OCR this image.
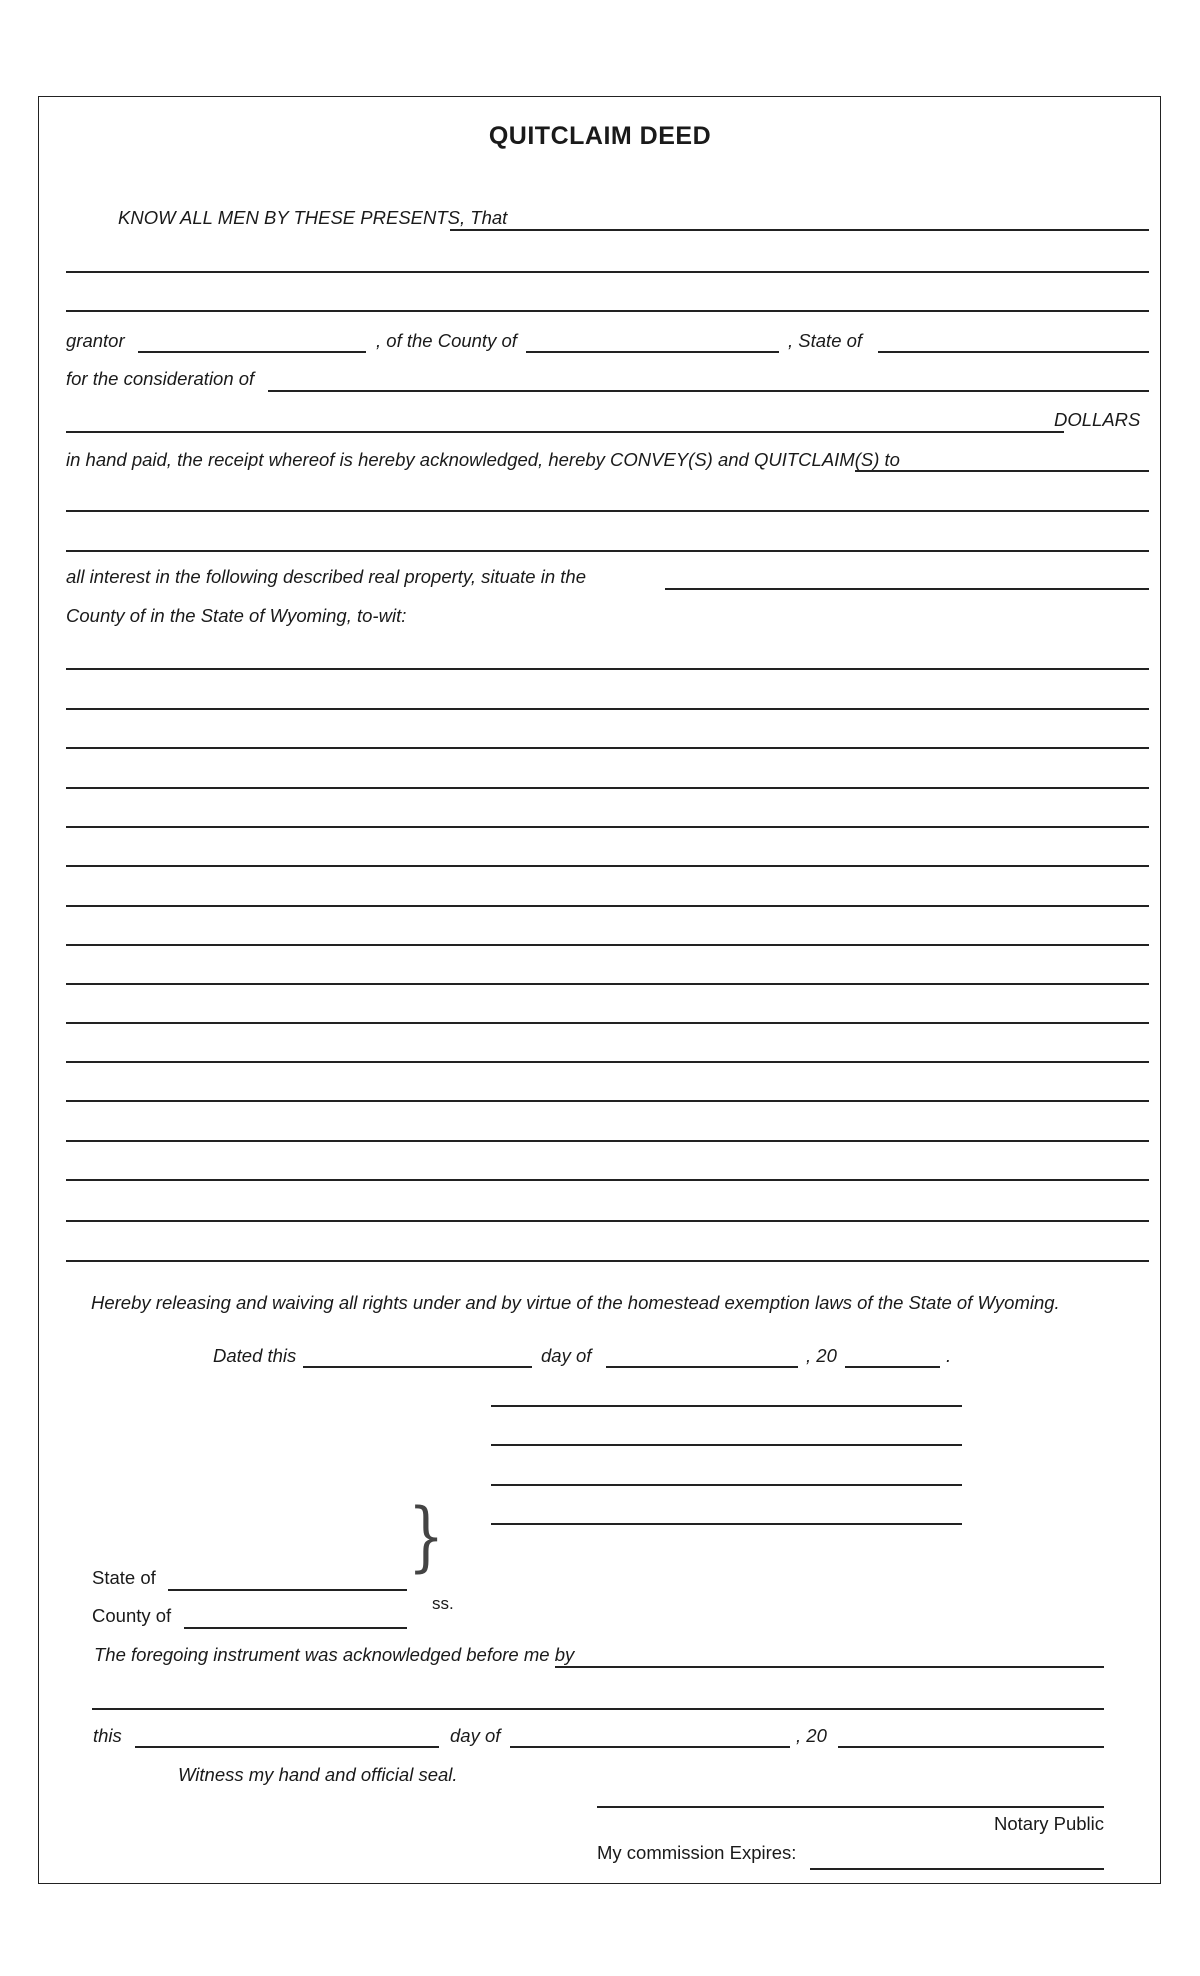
QUITCLAIM DEED
KNOW ALL MEN BY THESE PRESENTS, That
grantor	, of the County of	, State of
for the consideration of
DOLLARS
in hand paid, the receipt whereof is hereby acknowledged, hereby CONVEY(S) and QUITCLAIM(S) to
all interest in the following described real property, situate in the
County of in the State of Wyoming, to-wit:
Hereby releasing and waiving all rights under and by virtue of the homestead exemption laws of the State of Wyoming.
Dated this	day of	, 20	.
}
State of
County of
ss.
The foregoing instrument was acknowledged before me by
this	day of	, 20
Witness my hand and official seal.
Notary Public
My commission Expires:
